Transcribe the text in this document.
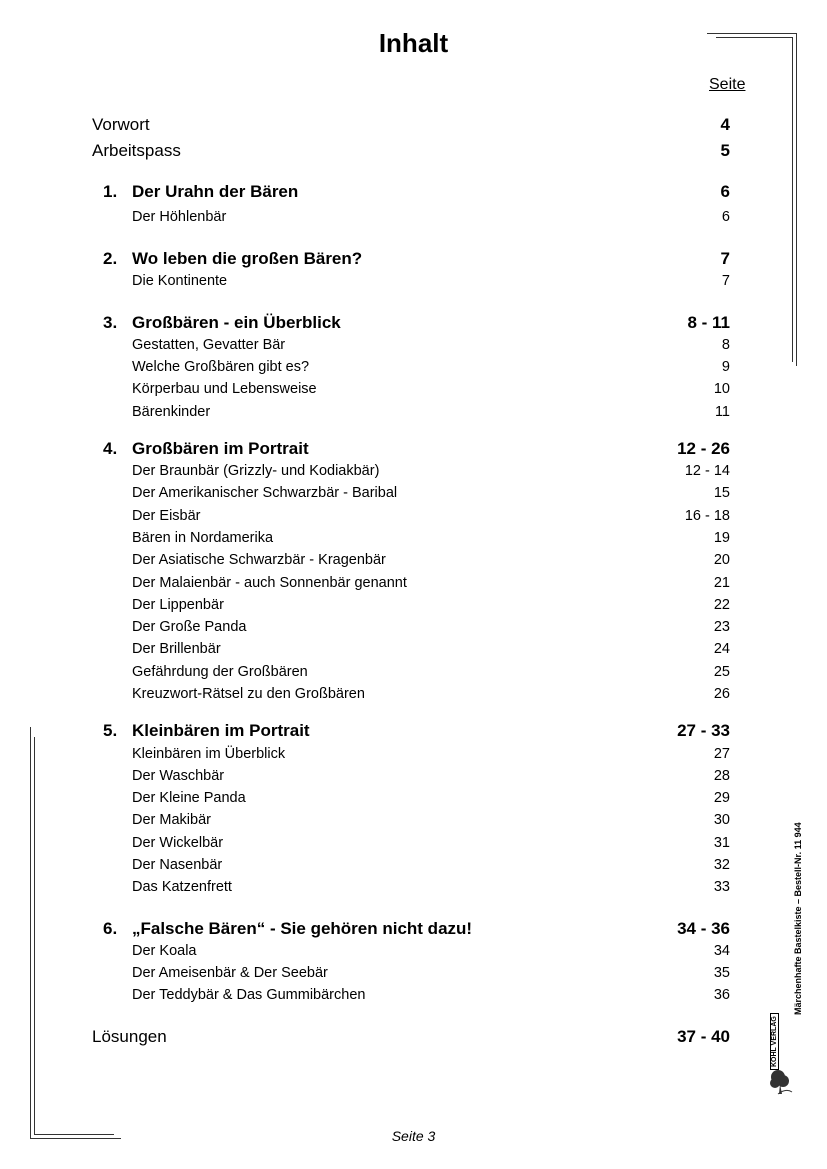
Inhalt
Seite
Vorwort	4
Arbeitspass	5
1. Der Urahn der Bären	6
Der Höhlenbär	6
2. Wo leben die großen Bären?	7
Die Kontinente	7
3. Großbären - ein Überblick	8 - 11
Gestatten, Gevatter Bär	8
Welche Großbären gibt es?	9
Körperbau und Lebensweise	10
Bärenkinder	11
4. Großbären im Portrait	12 - 26
Der Braunbär (Grizzly- und Kodiakbär)	12 - 14
Der Amerikanischer Schwarzbär - Baribal	15
Der Eisbär	16 - 18
Bären in Nordamerika	19
Der Asiatische Schwarzbär - Kragenbär	20
Der Malaienbär - auch Sonnenbär genannt	21
Der Lippenbär	22
Der Große Panda	23
Der Brillenbär	24
Gefährdung der Großbären	25
Kreuzwort-Rätsel zu den Großbären	26
5. Kleinbären im Portrait	27 - 33
Kleinbären im Überblick	27
Der Waschbär	28
Der Kleine Panda	29
Der Makibär	30
Der Wickelbär	31
Der Nasenbär	32
Das Katzenfrett	33
6. „Falsche Bären“ - Sie gehören nicht dazu!	34 - 36
Der Koala	34
Der Ameisenbär & Der Seebär	35
Der Teddybär & Das Gummibärchen	36
Lösungen	37 - 40
Märchenhafte Bastelkiste – Bestell-Nr. 11 944
KOHL VERLAG
Seite 3
